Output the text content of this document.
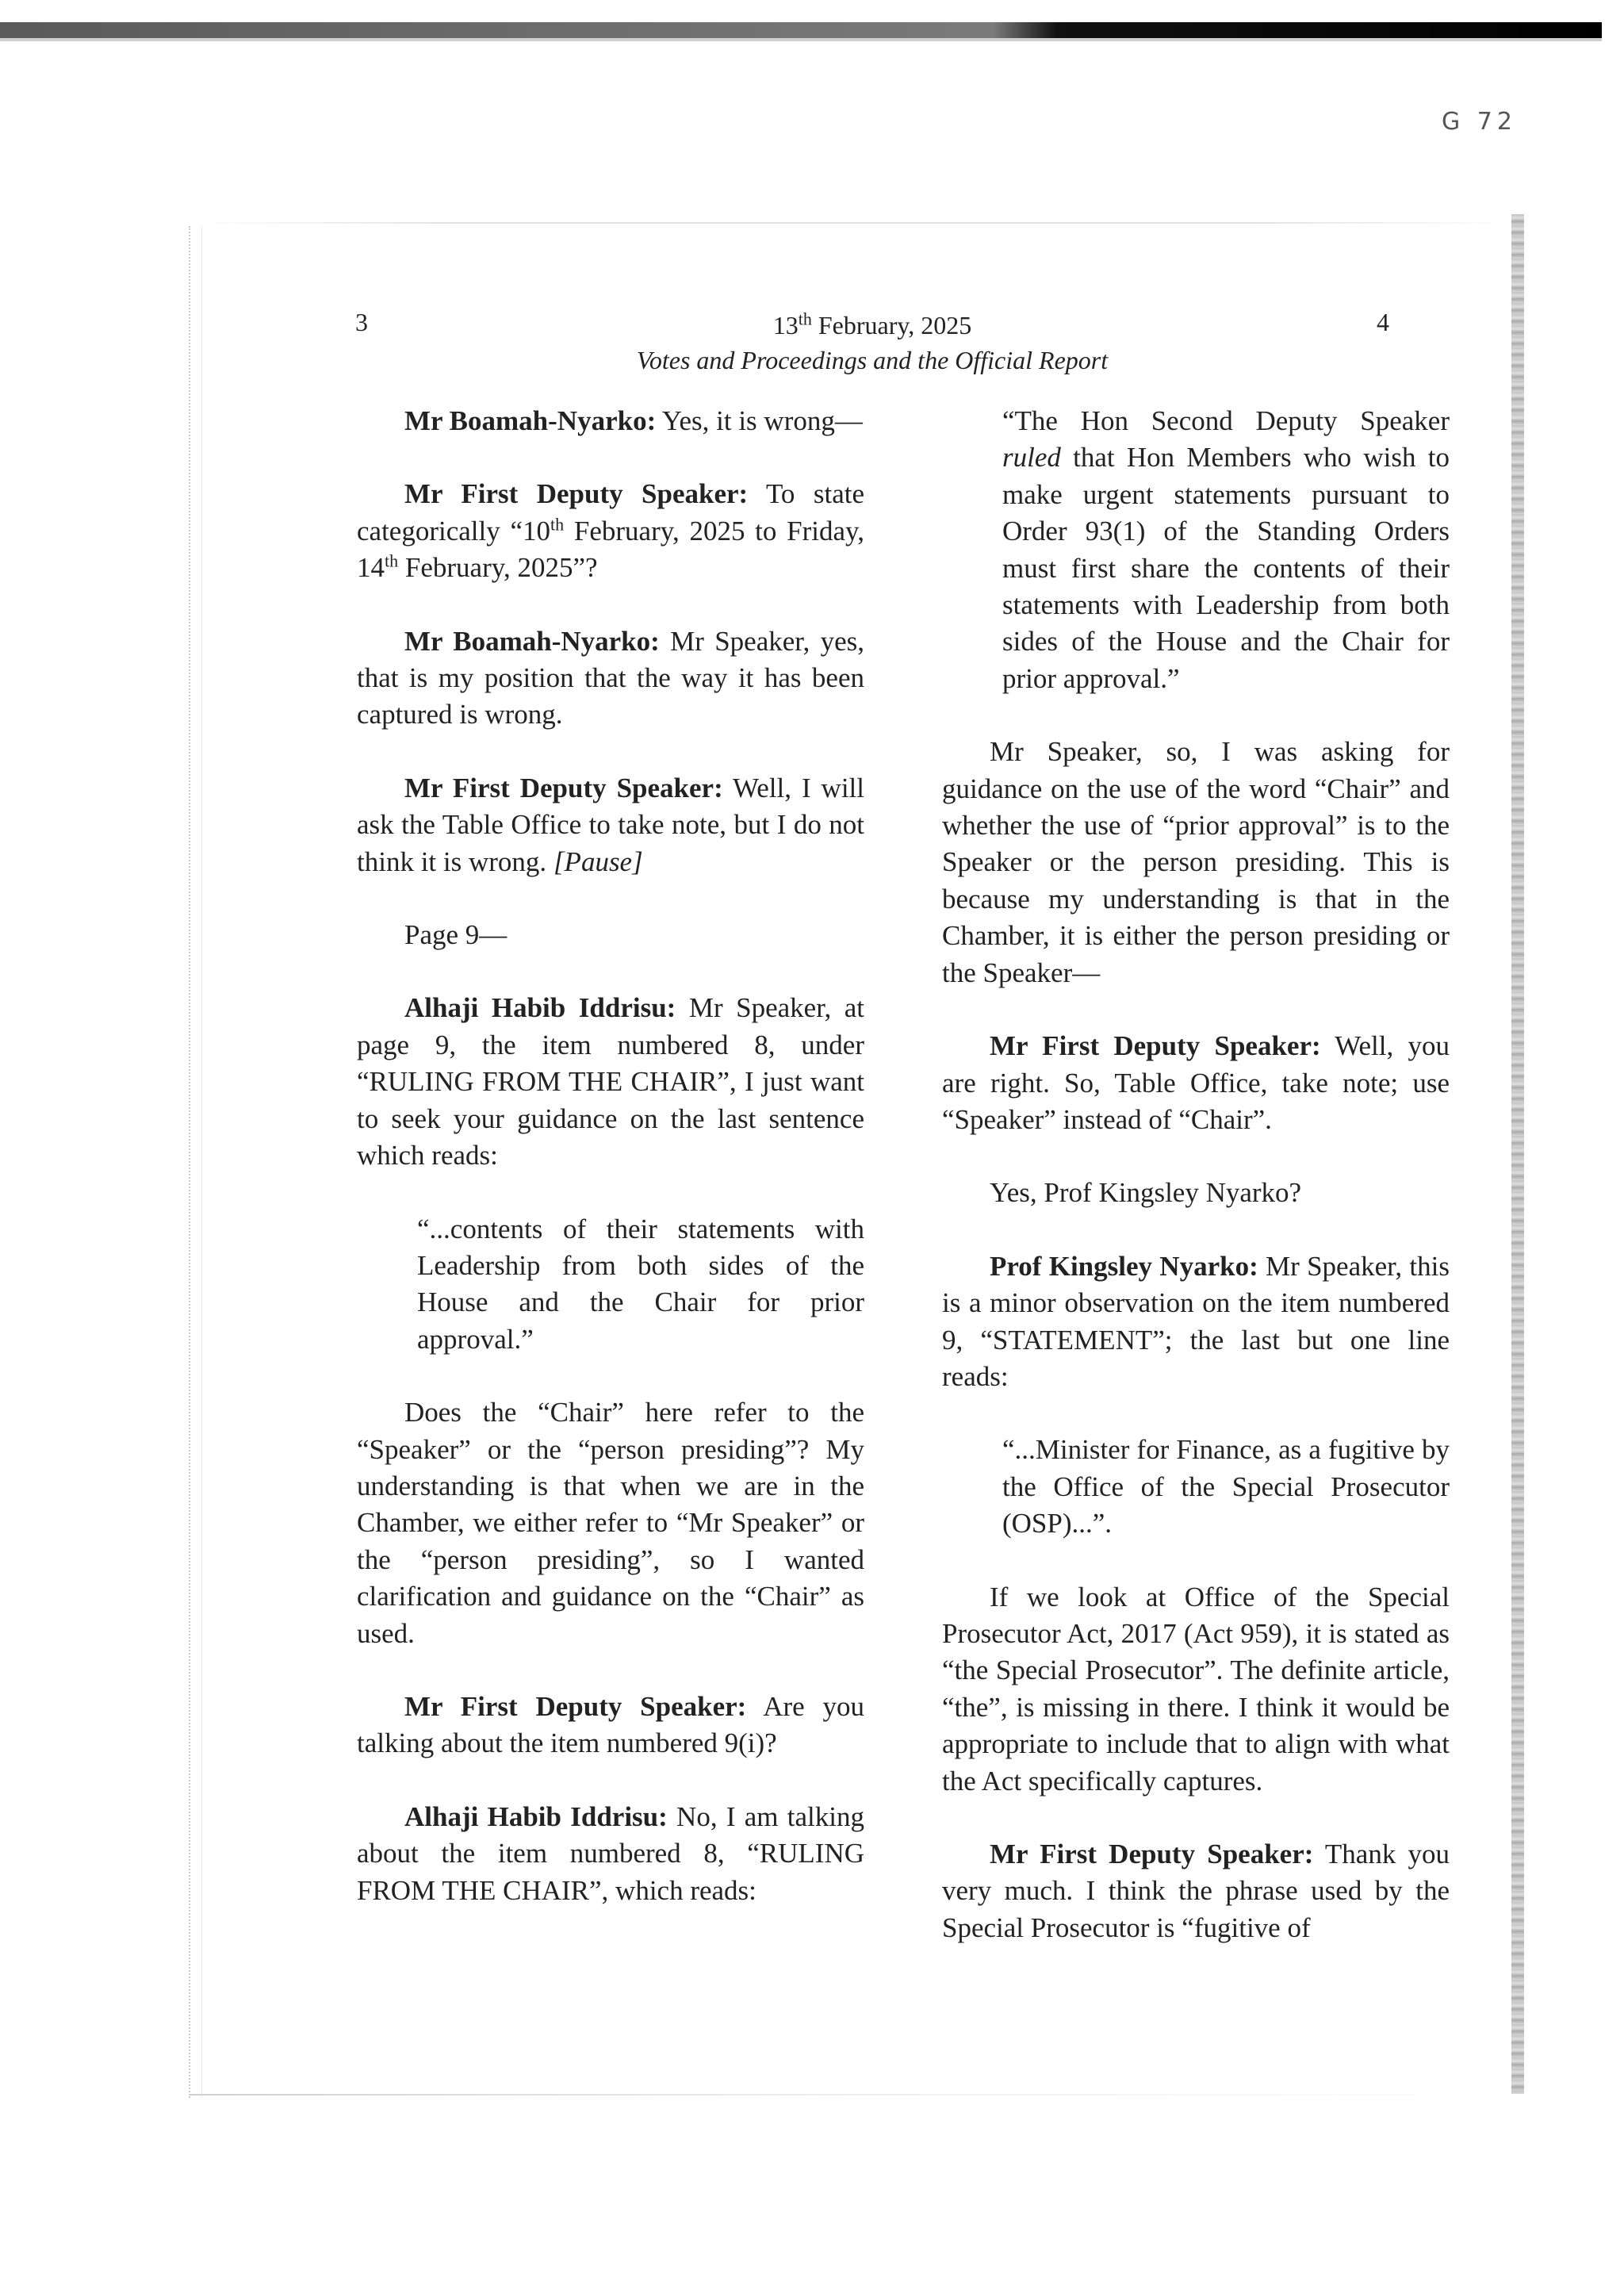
G 72
3	13th February, 2025
Votes and Proceedings and the Official Report
4

Mr Boamah-Nyarko: Yes, it is wrong—

Mr First Deputy Speaker: To state categorically “10th February, 2025 to Friday, 14th February, 2025”?

Mr Boamah-Nyarko: Mr Speaker, yes, that is my position that the way it has been captured is wrong.

Mr First Deputy Speaker: Well, I will ask the Table Office to take note, but I do not think it is wrong. [Pause]

Page 9—

Alhaji Habib Iddrisu: Mr Speaker, at page 9, the item numbered 8, under “RULING FROM THE CHAIR”, I just want to seek your guidance on the last sentence which reads:

“...contents of their statements with Leadership from both sides of the House and the Chair for prior approval.”

Does the “Chair” here refer to the “Speaker” or the “person presiding”? My understanding is that when we are in the Chamber, we either refer to “Mr Speaker” or the “person presiding”, so I wanted clarification and guidance on the “Chair” as used.

Mr First Deputy Speaker: Are you talking about the item numbered 9(i)?

Alhaji Habib Iddrisu: No, I am talking about the item numbered 8, “RULING FROM THE CHAIR”, which reads:

“The Hon Second Deputy Speaker ruled that Hon Members who wish to make urgent statements pursuant to Order 93(1) of the Standing Orders must first share the contents of their statements with Leadership from both sides of the House and the Chair for prior approval.”

Mr Speaker, so, I was asking for guidance on the use of the word “Chair” and whether the use of “prior approval” is to the Speaker or the person presiding. This is because my understanding is that in the Chamber, it is either the person presiding or the Speaker—

Mr First Deputy Speaker: Well, you are right. So, Table Office, take note; use “Speaker” instead of “Chair”.

Yes, Prof Kingsley Nyarko?

Prof Kingsley Nyarko: Mr Speaker, this is a minor observation on the item numbered 9, “STATEMENT”; the last but one line reads:

“...Minister for Finance, as a fugitive by the Office of the Special Prosecutor (OSP)...”.

If we look at Office of the Special Prosecutor Act, 2017 (Act 959), it is stated as “the Special Prosecutor”. The definite article, “the”, is missing in there. I think it would be appropriate to include that to align with what the Act specifically captures.

Mr First Deputy Speaker: Thank you very much. I think the phrase used by the Special Prosecutor is “fugitive of
